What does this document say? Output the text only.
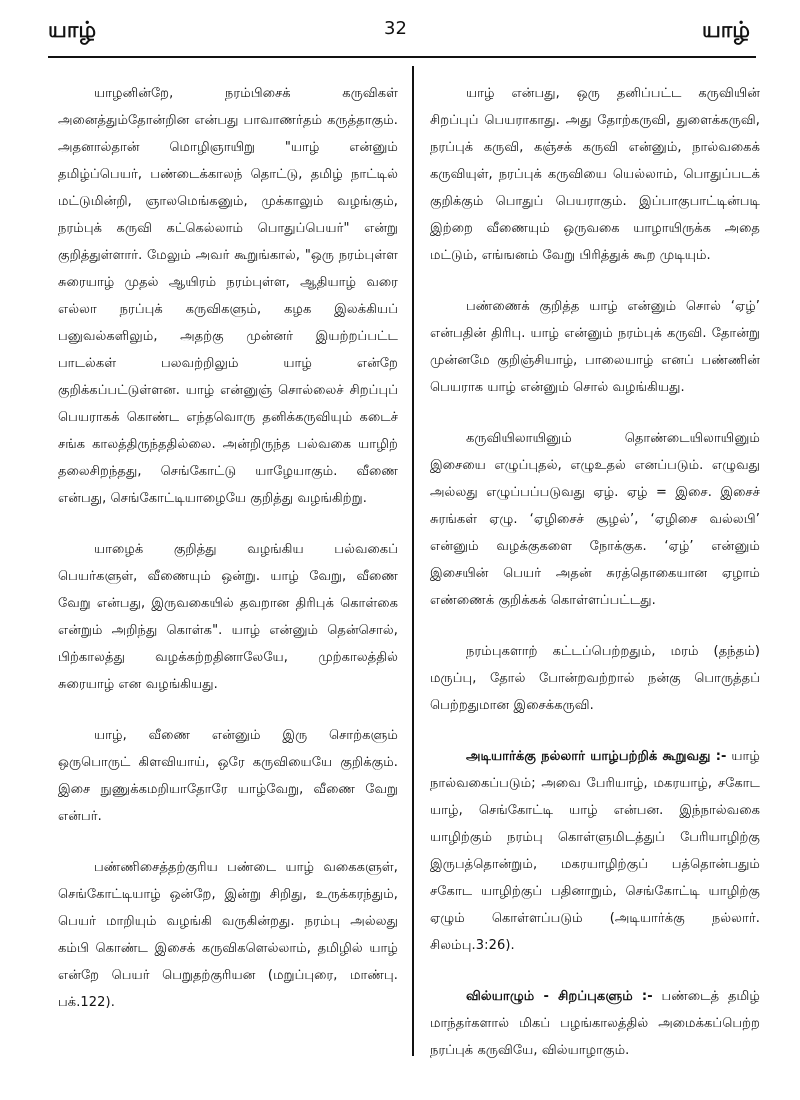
யாழ்	32	யாழ்

யாழனின்றே, நரம்பிசைக் கருவிகள் அனைத்தும்தோன்றின என்பது பாவாணர்தம் கருத்தாகும். அதனால்தான் மொழிஞாயிறு "யாழ் என்னும் தமிழ்ப்பெயர், பண்டைக்காலந் தொட்டு, தமிழ் நாட்டில் மட்டுமின்றி, ஞாலமெங்கனும், முக்காலும் வழங்கும், நரம்புக் கருவி கட்கெல்லாம் பொதுப்பெயர்" என்று குறித்துள்ளார். மேலும் அவர் கூறுங்கால், "ஒரு நரம்புள்ள சுரையாழ் முதல் ஆயிரம் நரம்புள்ள, ஆதியாழ் வரை எல்லா நரப்புக் கருவிகளும், கழக இலக்கியப் பனுவல்களிலும், அதற்கு முன்னர் இயற்றப்பட்ட பாடல்கள் பலவற்றிலும் யாழ் என்றே குறிக்கப்பட்டுள்ளன. யாழ் என்னுஞ் சொல்லைச் சிறப்புப் பெயராகக் கொண்ட எந்தவொரு தனிக்கருவியும் கடைச் சங்க காலத்திருந்ததில்லை. அன்றிருந்த பல்வகை யாழிற் தலைசிறந்தது, செங்கோட்டு யாழேயாகும். வீணை என்பது, செங்கோட்டியாழையே குறித்து வழங்கிற்று.

யாழைக் குறித்து வழங்கிய பல்வகைப் பெயர்களுள், வீணையும் ஒன்று. யாழ் வேறு, வீணை வேறு என்பது, இருவகையில் தவறான திரிபுக் கொள்கை என்றும் அறிந்து கொள்க". யாழ் என்னும் தென்சொல், பிற்காலத்து வழக்கற்றதினாலேயே, முற்காலத்தில் சுரையாழ் என வழங்கியது.

யாழ், வீணை என்னும் இரு சொற்களும் ஒருபொருட் கிளவியாய், ஒரே கருவியையே குறிக்கும். இசை நுணுக்கமறியாதோரே யாழ்வேறு, வீணை வேறு என்பர்.

பண்ணிசைத்தற்குரிய பண்டை யாழ் வகைகளுள், செங்கோட்டியாழ் ஒன்றே, இன்று சிறிது, உருக்கரந்தும், பெயர் மாறியும் வழங்கி வருகின்றது. நரம்பு அல்லது கம்பி கொண்ட இசைக் கருவிகளெல்லாம், தமிழில் யாழ் என்றே பெயர் பெறுதற்குரியன (மறுப்புரை, மாண்பு. பக்.122).

யாழ் என்பது, ஒரு தனிப்பட்ட கருவியின் சிறப்புப் பெயராகாது. அது தோற்கருவி, துளைக்கருவி, நரப்புக் கருவி, கஞ்சக் கருவி என்னும், நால்வகைக் கருவியுள், நரப்புக் கருவியை யெல்லாம், பொதுப்படக் குறிக்கும் பொதுப் பெயராகும். இப்பாகுபாட்டின்படி இற்றை வீணையும் ஒருவகை யாழாயிருக்க அதை மட்டும், எங்ஙனம் வேறு பிரித்துக் கூற முடியும்.

பண்ணைக் குறித்த யாழ் என்னும் சொல் ‘ஏழ்’ என்பதின் திரிபு. யாழ் என்னும் நரம்புக் கருவி. தோன்று முன்னமே குறிஞ்சியாழ், பாலையாழ் எனப் பண்ணின் பெயராக யாழ் என்னும் சொல் வழங்கியது.

கருவியிலாயினும் தொண்டையிலாயினும் இசையை எழுப்புதல், எழுஉதல் எனப்படும். எழுவது அல்லது எழுப்பப்படுவது ஏழ். ஏழ் = இசை. இசைச் சுரங்கள் ஏழு. ‘ஏழிசைச் சூழல்’, ‘ஏழிசை வல்லபி’ என்னும் வழக்குகளை நோக்குக. ‘ஏழ்’ என்னும் இசையின் பெயர் அதன் சுரத்தொகையான ஏழாம் எண்ணைக் குறிக்கக் கொள்ளப்பட்டது.

நரம்புகளாற் கட்டப்பெற்றதும், மரம் (தந்தம்) மருப்பு, தோல் போன்றவற்றால் நன்கு பொருத்தப் பெற்றதுமான இசைக்கருவி.

அடியார்க்கு நல்லார் யாழ்பற்றிக் கூறுவது :- யாழ் நால்வகைப்படும்; அவை பேரியாழ், மகரயாழ், சகோட யாழ், செங்கோட்டி யாழ் என்பன. இந்நால்வகை யாழிற்கும் நரம்பு கொள்ளுமிடத்துப் பேரியாழிற்கு இருபத்தொன்றும், மகரயாழிற்குப் பத்தொன்பதும் சகோட யாழிற்குப் பதினாறும், செங்கோட்டி யாழிற்கு ஏழும் கொள்ளப்படும் (அடியார்க்கு நல்லார். சிலம்பு.3:26).

வில்யாழும் - சிறப்புகளும் :- பண்டைத் தமிழ் மாந்தர்களால் மிகப் பழங்காலத்தில் அமைக்கப்பெற்ற நரப்புக் கருவியே, வில்யாழாகும்.
